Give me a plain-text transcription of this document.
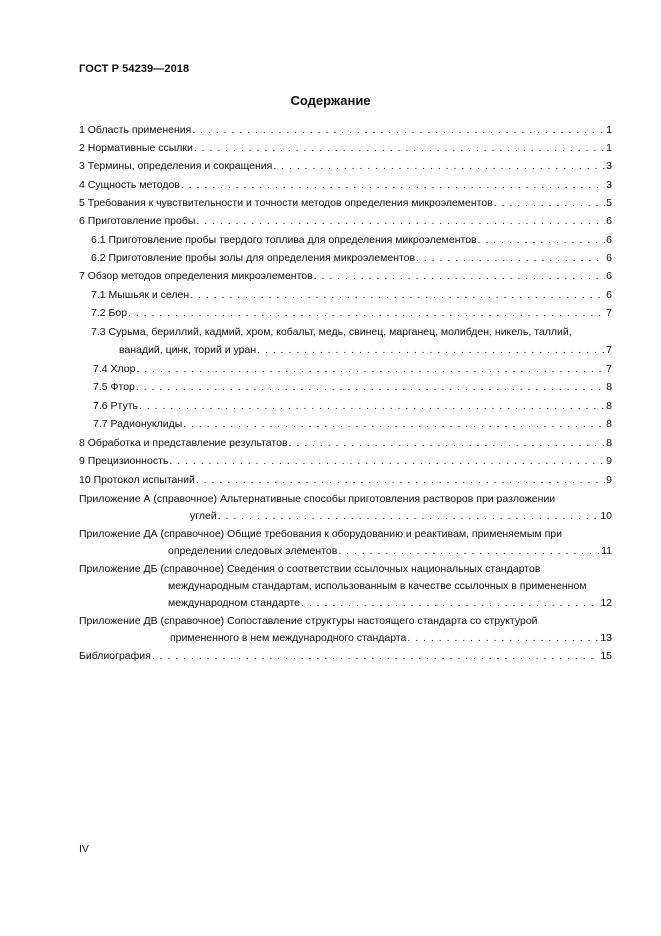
ГОСТ Р 54239—2018
Содержание
1 Область применения . . .	1
2 Нормативные ссылки . . .	1
3 Термины, определения и сокращения . . .	3
4 Сущность методов . . .	3
5 Требования к чувствительности и точности методов определения микроэлементов . . .	5
6 Приготовление пробы . . .	6
6.1 Приготовление пробы твердого топлива для определения микроэлементов . . .	6
6.2 Приготовление пробы золы для определения микроэлементов . . .	6
7 Обзор методов определения микроэлементов . . .	6
7.1 Мышьяк и селен . . .	6
7.2 Бор . . .	7
7.3 Сурьма, бериллий, кадмий, хром, кобальт, медь, свинец, марганец, молибден, никель, таллий,
ванадий, цинк, торий и уран . . .	7
7.4 Хлор . . .	7
7.5 Фтор . . .	8
7.6 Ртуть . . .	8
7.7 Радионуклиды . . .	8
8 Обработка и представление результатов . . .	8
9 Прецизионность . . .	9
10 Протокол испытаний . . .	9
Приложение А (справочное) Альтернативные способы приготовления растворов при разложении
углей . . .	10
Приложение ДА (справочное) Общие требования к оборудованию и реактивам, применяемым при
определении следовых элементов . . .	11
Приложение ДБ (справочное) Сведения о соответствии ссылочных национальных стандартов
международным стандартам, использованным в качестве ссылочных в примененном
международном стандарте . . .	12
Приложение ДВ (справочное) Сопоставление структуры настоящего стандарта со структурой
примененного в нем международного стандарта . . .	13
Библиография . . .	15
IV
